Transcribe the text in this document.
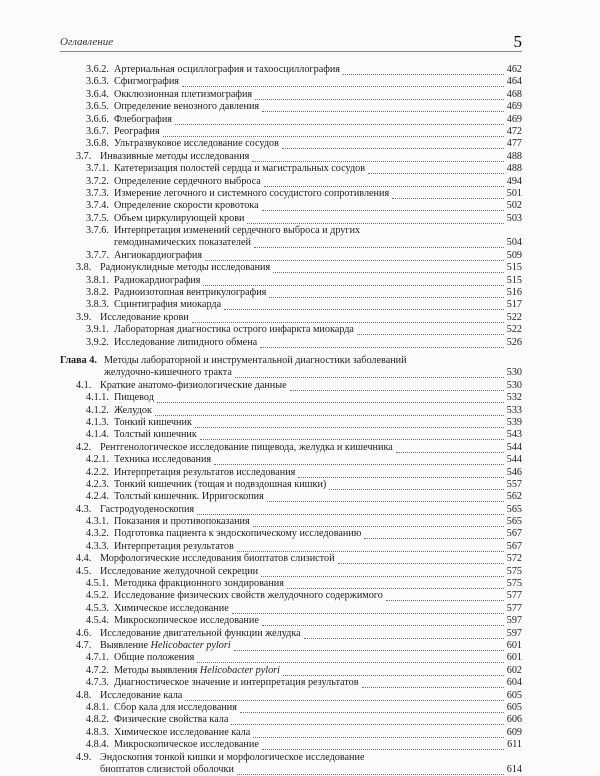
Оглавление	5
3.6.2. Артериальная осциллография и тахоосциллография	462
3.6.3. Сфигмография	464
3.6.4. Окклюзионная плетизмография	468
3.6.5. Определение венозного давления	469
3.6.6. Флебография	469
3.6.7. Реография	472
3.6.8. Ультразвуковое исследование сосудов	477
3.7. Инвазивные методы исследования	488
3.7.1. Катетеризация полостей сердца и магистральных сосудов	488
3.7.2. Определение сердечного выброса	494
3.7.3. Измерение легочного и системного сосудистого сопротивления	501
3.7.4. Определение скорости кровотока	502
3.7.5. Объем циркулирующей крови	503
3.7.6. Интерпретация изменений сердечного выброса и других
гемодинамических показателей	504
3.7.7. Ангиокардиография	509
3.8. Радионуклидные методы исследования	515
3.8.1. Радиокардиография	515
3.8.2. Радиоизотопная вентрикулография	516
3.8.3. Сцинтиграфия миокарда	517
3.9. Исследование крови	522
3.9.1. Лабораторная диагностика острого инфаркта миокарда	522
3.9.2. Исследование липидного обмена	526
Глава 4. Методы лабораторной и инструментальной диагностики заболеваний
желудочно-кишечного тракта	530
4.1. Краткие анатомо-физиологические данные	530
4.1.1. Пищевод	532
4.1.2. Желудок	533
4.1.3. Тонкий кишечник	539
4.1.4. Толстый кишечник	543
4.2. Рентгенологическое исследование пищевода, желудка и кишечника	544
4.2.1. Техника исследования	544
4.2.2. Интерпретация результатов исследования	546
4.2.3. Тонкий кишечник (тощая и подвздошная кишки)	557
4.2.4. Толстый кишечник. Ирригоскопия	562
4.3. Гастродуоденоскопия	565
4.3.1. Показания и противопоказания	565
4.3.2. Подготовка пациента к эндоскопическому исследованию	567
4.3.3. Интерпретация результатов	567
4.4. Морфологические исследования биоптатов слизистой	572
4.5. Исследование желудочной секреции	575
4.5.1. Методика фракционного зондирования	575
4.5.2. Исследование физических свойств желудочного содержимого	577
4.5.3. Химическое исследование	577
4.5.4. Микроскопическое исследование	597
4.6. Исследование двигательной функции желудка	597
4.7. Выявление Helicobacter pylori	601
4.7.1. Общие положения	601
4.7.2. Методы выявления Helicobacter pylori	602
4.7.3. Диагностическое значение и интерпретация результатов	604
4.8. Исследование кала	605
4.8.1. Сбор кала для исследования	605
4.8.2. Физические свойства кала	606
4.8.3. Химическое исследование кала	609
4.8.4. Микроскопическое исследование	611
4.9. Эндоскопия тонкой кишки и морфологическое исследование
биоптатов слизистой оболочки	614
